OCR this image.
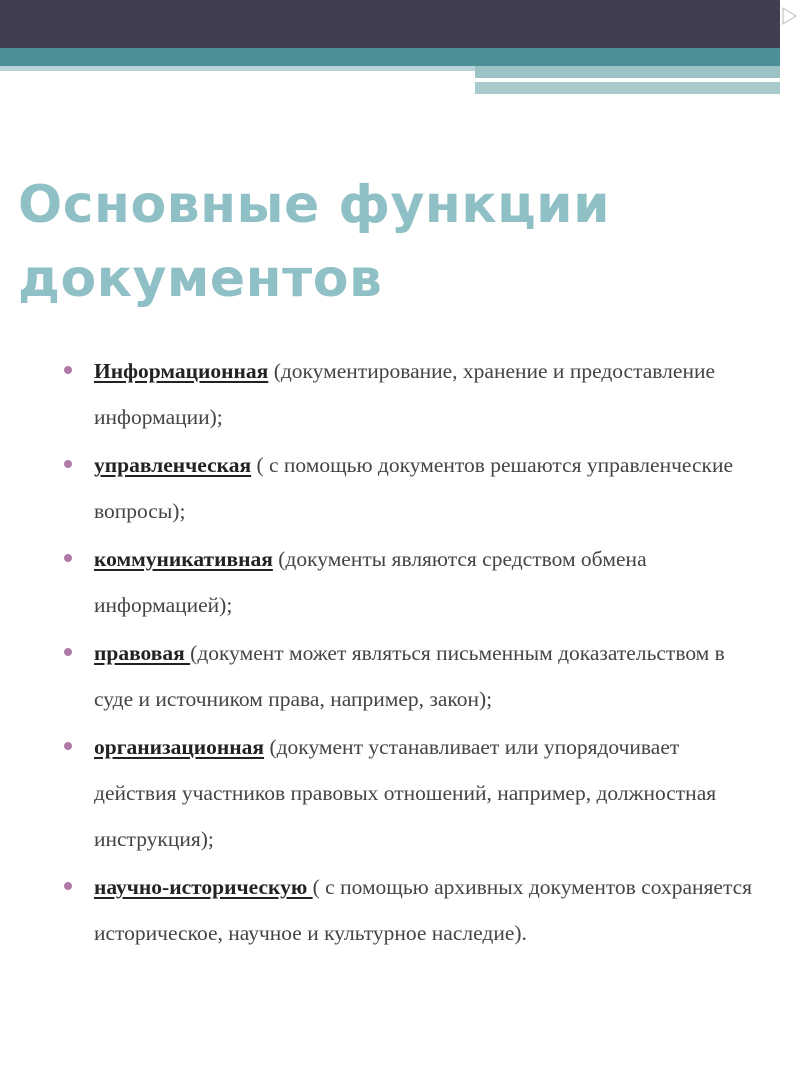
Основные функции документов
Информационная (документирование, хранение и предоставление информации);
управленческая ( с помощью документов решаются управленческие вопросы);
коммуникативная (документы являются средством обмена информацией);
правовая (документ может являться письменным доказательством в суде и источником права, например, закон);
организационная (документ устанавливает или упорядочивает действия участников правовых отношений, например, должностная инструкция);
научно-историческую ( с помощью архивных документов сохраняется историческое, научное и культурное наследие).
